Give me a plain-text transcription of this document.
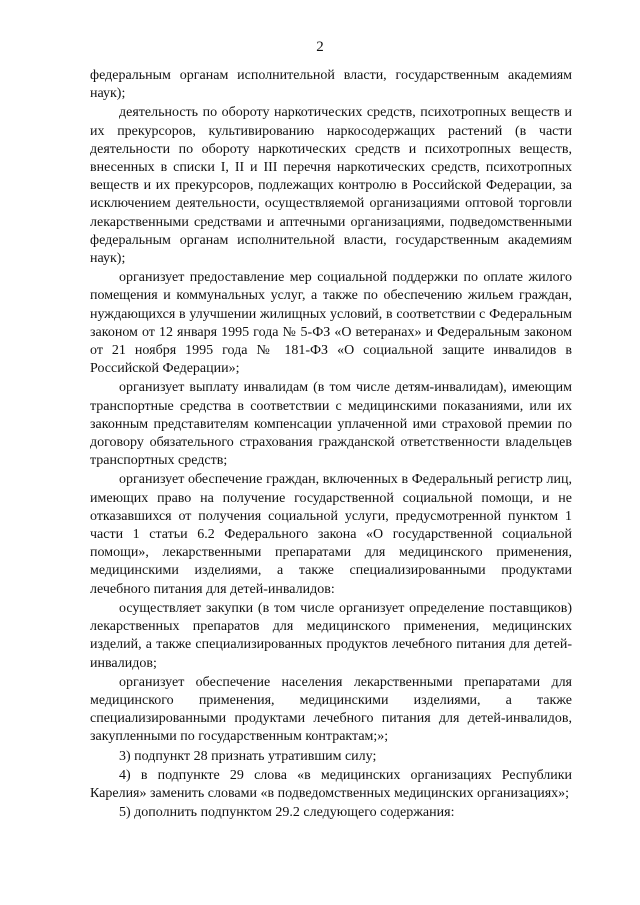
2

федеральным органам исполнительной власти, государственным академиям наук);

деятельность по обороту наркотических средств, психотропных веществ и их прекурсоров, культивированию наркосодержащих растений (в части деятельности по обороту наркотических средств и психотропных веществ, внесенных в списки I, II и III перечня наркотических средств, психотропных веществ и их прекурсоров, подлежащих контролю в Российской Федерации, за исключением деятельности, осуществляемой организациями оптовой торговли лекарственными средствами и аптечными организациями, подведомственными федеральным органам исполнительной власти, государственным академиям наук);

организует предоставление мер социальной поддержки по оплате жилого помещения и коммунальных услуг, а также по обеспечению жильем граждан, нуждающихся в улучшении жилищных условий, в соответствии с Федеральным законом от 12 января 1995 года № 5-ФЗ «О ветеранах» и Федеральным законом от 21 ноября 1995 года № 181-ФЗ «О социальной защите инвалидов в Российской Федерации»;

организует выплату инвалидам (в том числе детям-инвалидам), имеющим транспортные средства в соответствии с медицинскими показаниями, или их законным представителям компенсации уплаченной ими страховой премии по договору обязательного страхования гражданской ответственности владельцев транспортных средств;

организует обеспечение граждан, включенных в Федеральный регистр лиц, имеющих право на получение государственной социальной помощи, и не отказавшихся от получения социальной услуги, предусмотренной пунктом 1 части 1 статьи 6.2 Федерального закона «О государственной социальной помощи», лекарственными препаратами для медицинского применения, медицинскими изделиями, а также специализированными продуктами лечебного питания для детей-инвалидов:

осуществляет закупки (в том числе организует определение поставщиков) лекарственных препаратов для медицинского применения, медицинских изделий, а также специализированных продуктов лечебного питания для детей-инвалидов;

организует обеспечение населения лекарственными препаратами для медицинского применения, медицинскими изделиями, а также специализированными продуктами лечебного питания для детей-инвалидов, закупленными по государственным контрактам;»;

3) подпункт 28 признать утратившим силу;

4) в подпункте 29 слова «в медицинских организациях Республики Карелия» заменить словами «в подведомственных медицинских организациях»;

5) дополнить подпунктом 29.2 следующего содержания:
